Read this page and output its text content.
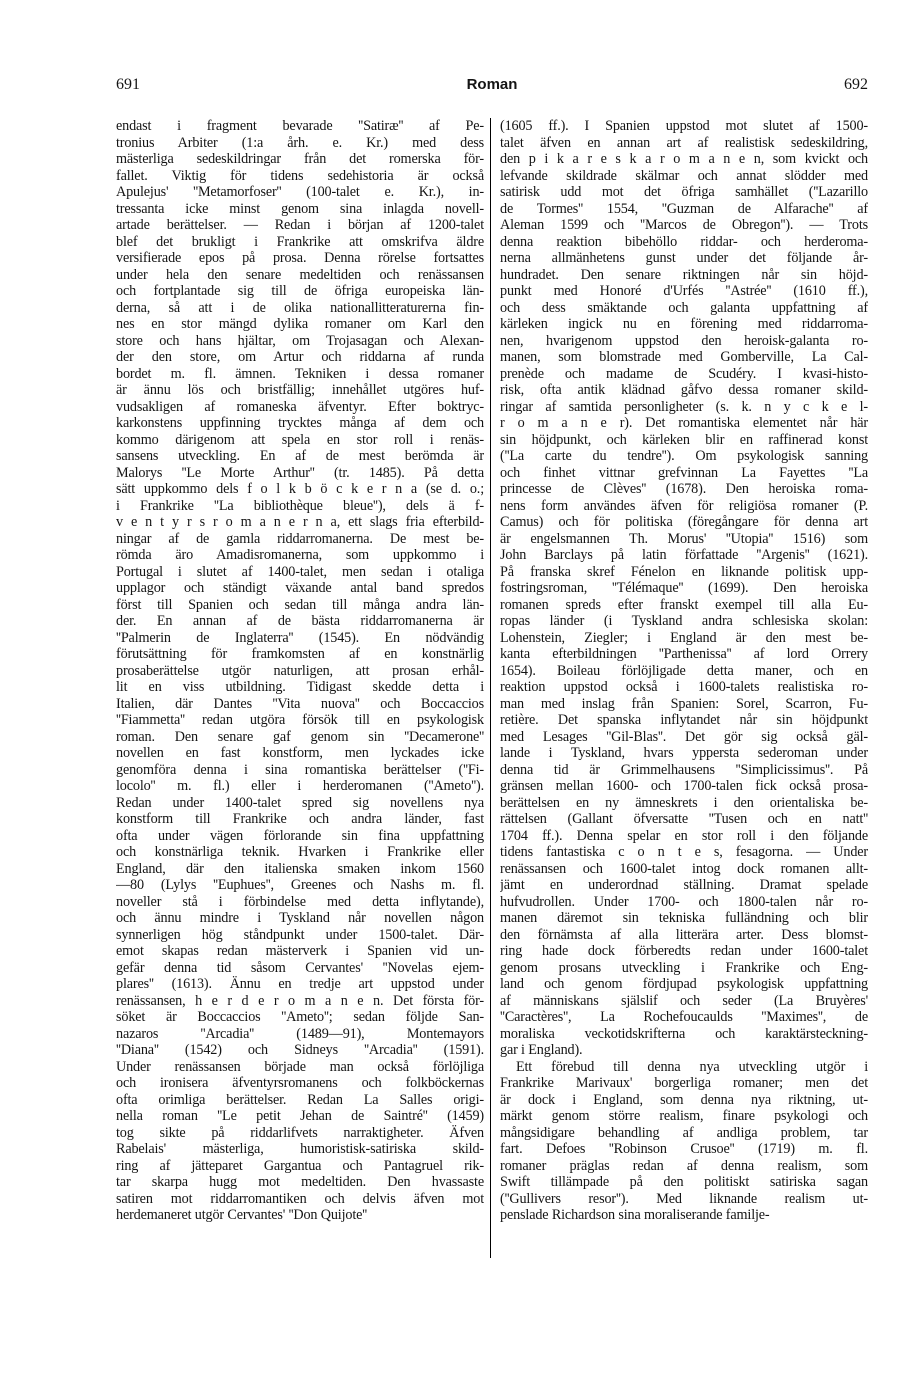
691	Roman	692
endast i fragment bevarade ''Satiræ'' af Pe-
tronius Arbiter (1:a årh. e. Kr.) med dess
mästerliga sedeskildringar från det romerska för-
fallet. Viktig för tidens sedehistoria är också
Apulejus' ''Metamorfoser'' (100-talet e. Kr.), in-
tressanta icke minst genom sina inlagda novell-
artade berättelser. — Redan i början af 1200-talet
blef det brukligt i Frankrike att omskrifva äldre
versifierade epos på prosa. Denna rörelse fortsattes
under hela den senare medeltiden och renässansen
och fortplantade sig till de öfriga europeiska län-
derna, så att i de olika nationallitteraturerna fin-
nes en stor mängd dylika romaner om Karl den
store och hans hjältar, om Trojasagan och Alexan-
der den store, om Artur och riddarna af runda
bordet m. fl. ämnen. Tekniken i dessa romaner
är ännu lös och bristfällig; innehållet utgöres huf-
vudsakligen af romaneska äfventyr. Efter boktryc-
karkonstens uppfinning trycktes många af dem och
kommo därigenom att spela en stor roll i renäs-
sansens utveckling. En af de mest berömda är
Malorys ''Le Morte Arthur'' (tr. 1485). På detta
sätt uppkommo dels f o l k b ö c k e r n a (se d. o.;
i Frankrike ''La bibliothèque bleue''), dels ä f-
v e n t y r s r o m a n e r n a, ett slags fria efterbild-
ningar af de gamla riddarromanerna. De mest be-
römda äro Amadisromanerna, som uppkommo i
Portugal i slutet af 1400-talet, men sedan i otaliga
upplagor och ständigt växande antal band spredos
först till Spanien och sedan till många andra län-
der. En annan af de bästa riddarromanerna är
''Palmerin de Inglaterra'' (1545). En nödvändig
förutsättning för framkomsten af en konstnärlig
prosaberättelse utgör naturligen, att prosan erhål-
lit en viss utbildning. Tidigast skedde detta i
Italien, där Dantes ''Vita nuova'' och Boccaccios
''Fiammetta'' redan utgöra försök till en psykologisk
roman. Den senare gaf genom sin ''Decamerone''
novellen en fast konstform, men lyckades icke
genomföra denna i sina romantiska berättelser (''Fi-
locolo'' m. fl.) eller i herderomanen (''Ameto'').
Redan under 1400-talet spred sig novellens nya
konstform till Frankrike och andra länder, fast
ofta under vägen förlorande sin fina uppfattning
och konstnärliga teknik. Hvarken i Frankrike eller
England, där den italienska smaken inkom 1560
—80 (Lylys ''Euphues'', Greenes och Nashs m. fl.
noveller stå i förbindelse med detta inflytande),
och ännu mindre i Tyskland når novellen någon
synnerligen hög ståndpunkt under 1500-talet. Där-
emot skapas redan mästerverk i Spanien vid un-
gefär denna tid såsom Cervantes' ''Novelas ejem-
plares'' (1613). Ännu en tredje art uppstod under
renässansen, h e r d e r o m a n e n. Det första för-
söket är Boccaccios ''Ameto''; sedan följde San-
nazaros ''Arcadia'' (1489—91), Montemayors
''Diana'' (1542) och Sidneys ''Arcadia'' (1591).
Under renässansen började man också förlöjliga
och ironisera äfventyrsromanens och folkböckernas
ofta orimliga berättelser. Redan La Salles origi-
nella roman ''Le petit Jehan de Saintré'' (1459)
tog sikte på riddarlifvets narraktigheter. Äfven
Rabelais' mästerliga, humoristisk-satiriska skild-
ring af jätteparet Gargantua och Pantagruel rik-
tar skarpa hugg mot medeltiden. Den hvassaste
satiren mot riddarromantiken och delvis äfven mot
herdemaneret utgör Cervantes' ''Don Quijote''
(1605 ff.). I Spanien uppstod mot slutet af 1500-
talet äfven en annan art af realistisk sedeskildring,
den p i k a r e s k a r o m a n e n, som kvickt och
lefvande skildrade skälmar och annat slödder med
satirisk udd mot det öfriga samhället (''Lazarillo
de Tormes'' 1554, ''Guzman de Alfarache'' af
Aleman 1599 och ''Marcos de Obregon''). — Trots
denna reaktion bibehöllo riddar- och herderoma-
nerna allmänhetens gunst under det följande år-
hundradet. Den senare riktningen når sin höjd-
punkt med Honoré d'Urfés ''Astrée'' (1610 ff.),
och dess smäktande och galanta uppfattning af
kärleken ingick nu en förening med riddarroma-
nen, hvarigenom uppstod den heroisk-galanta ro-
manen, som blomstrade med Gomberville, La Cal-
prenède och madame de Scudéry. I kvasi-histo-
risk, ofta antik klädnad gåfvo dessa romaner skild-
ringar af samtida personligheter (s. k. n y c k e l-
r o m a n e r). Det romantiska elementet når här
sin höjdpunkt, och kärleken blir en raffinerad konst
(''La carte du tendre''). Om psykologisk sanning
och finhet vittnar grefvinnan La Fayettes ''La
princesse de Clèves'' (1678). Den heroiska roma-
nens form användes äfven för religiösa romaner (P.
Camus) och för politiska (föregångare för denna art
är engelsmannen Th. Morus' ''Utopia'' 1516) som
John Barclays på latin författade ''Argenis'' (1621).
På franska skref Fénelon en liknande politisk upp-
fostringsroman, ''Télémaque'' (1699). Den heroiska
romanen spreds efter franskt exempel till alla Eu-
ropas länder (i Tyskland andra schlesiska skolan:
Lohenstein, Ziegler; i England är den mest be-
kanta efterbildningen ''Parthenissa'' af lord Orrery
1654). Boileau förlöjligade detta maner, och en
reaktion uppstod också i 1600-talets realistiska ro-
man med inslag från Spanien: Sorel, Scarron, Fu-
retière. Det spanska inflytandet når sin höjdpunkt
med Lesages ''Gil-Blas''. Det gör sig också gäl-
lande i Tyskland, hvars yppersta sederoman under
denna tid är Grimmelhausens ''Simplicissimus''. På
gränsen mellan 1600- och 1700-talen fick också prosa-
berättelsen en ny ämneskrets i den orientaliska be-
rättelsen (Gallant öfversatte ''Tusen och en natt''
1704 ff.). Denna spelar en stor roll i den följande
tidens fantastiska c o n t e s, fesagorna. — Under
renässansen och 1600-talet intog dock romanen allt-
jämt en underordnad ställning. Dramat spelade
hufvudrollen. Under 1700- och 1800-talen når ro-
manen däremot sin tekniska fulländning och blir
den förnämsta af alla litterära arter. Dess blomst-
ring hade dock förberedts redan under 1600-talet
genom prosans utveckling i Frankrike och Eng-
land och genom fördjupad psykologisk uppfattning
af människans själslif och seder (La Bruyères'
''Caractères'', La Rochefoucaulds ''Maximes'', de
moraliska veckotidskrifterna och karaktärsteckning-
gar i England).
Ett förebud till denna nya utveckling utgör i
Frankrike Marivaux' borgerliga romaner; men det
är dock i England, som denna nya riktning, ut-
märkt genom större realism, finare psykologi och
mångsidigare behandling af andliga problem, tar
fart. Defoes ''Robinson Crusoe'' (1719) m. fl.
romaner präglas redan af denna realism, som
Swift tillämpade på den politiskt satiriska sagan
(''Gullivers resor''). Med liknande realism ut-
penslade Richardson sina moraliserande familje-
